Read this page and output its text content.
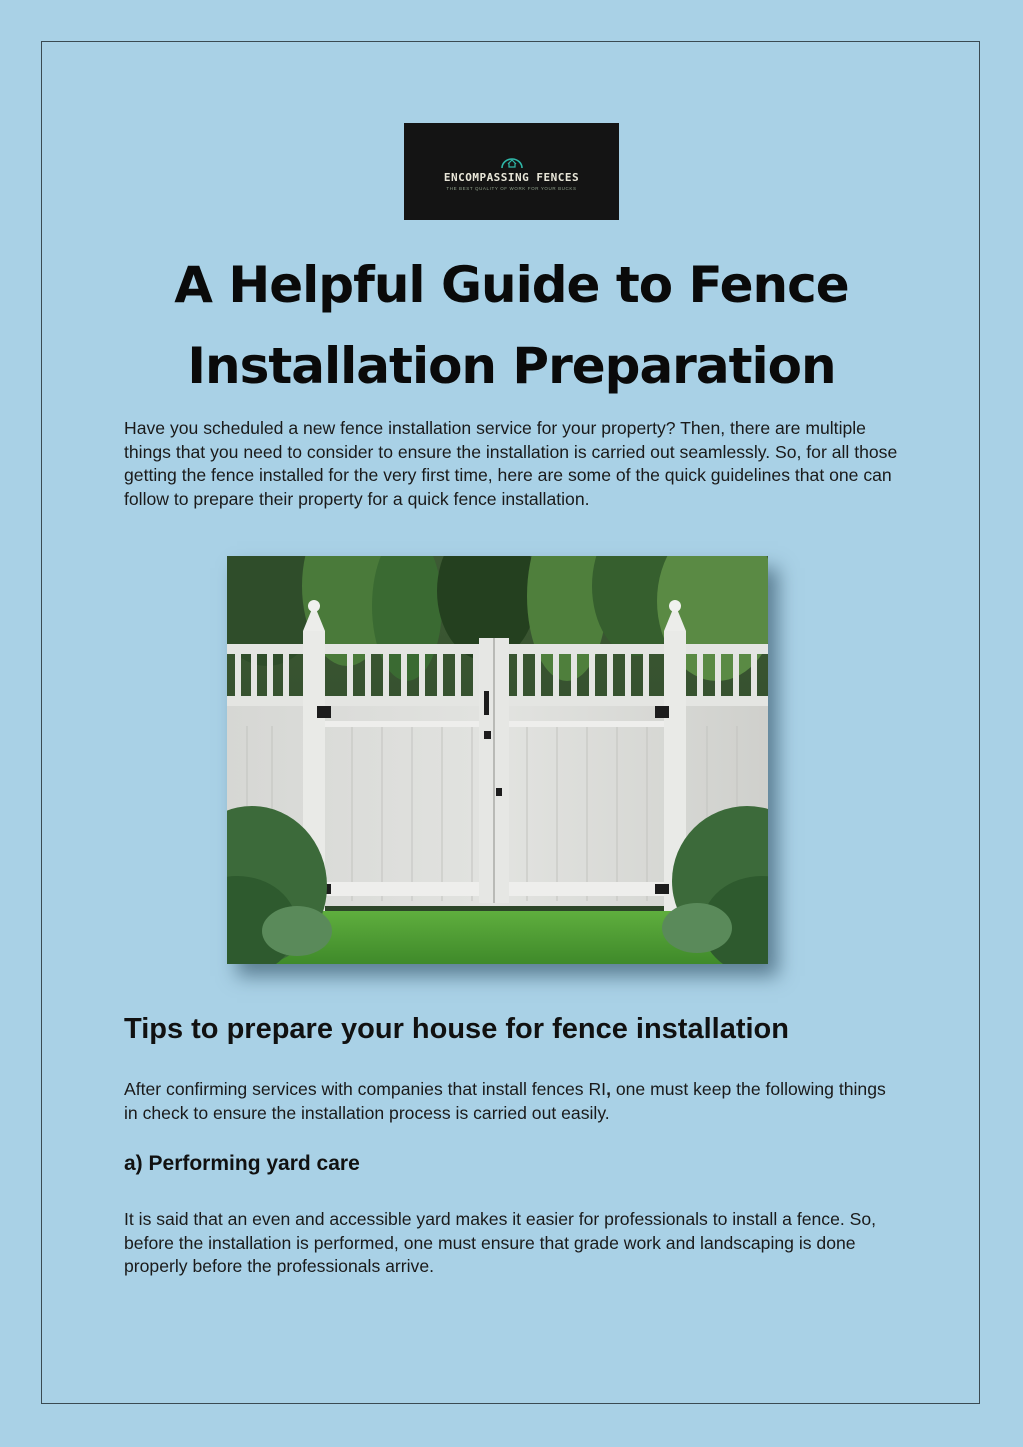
ENCOMPASSING FENCES
THE BEST QUALITY OF WORK FOR YOUR BUCKS
A Helpful Guide to Fence
Installation Preparation
Have you scheduled a new fence installation service for your property? Then, there are multiple things that you need to consider to ensure the installation is carried out seamlessly. So, for all those getting the fence installed for the very first time, here are some of the quick guidelines that one can follow to prepare their property for a quick fence installation.
Tips to prepare your house for fence installation
After confirming services with companies that install fences RI, one must keep the following things in check to ensure the installation process is carried out easily.
a) Performing yard care
It is said that an even and accessible yard makes it easier for professionals to install a fence. So, before the installation is performed, one must ensure that grade work and landscaping is done properly before the professionals arrive.
